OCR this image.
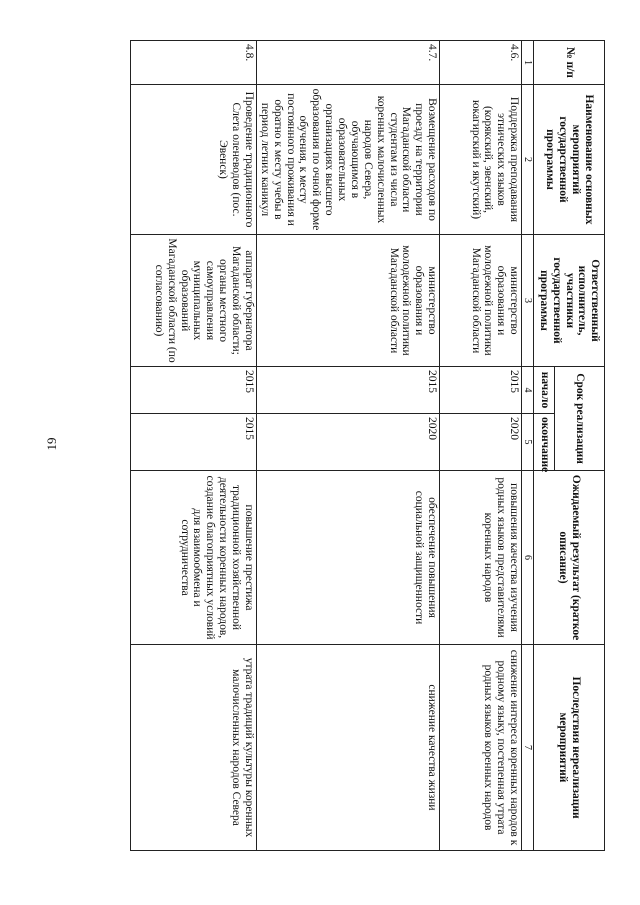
19
№ п/п	Наименование основных мероприятий государственной программы	Ответственный исполнитель, участники государственной программы	Срок реализации		Ожидаемый результат (краткое описание)	Последствия нереализации мероприятий
			начало	окончание		
1	2	3	4	5	6	7
4.6.	Поддержка преподавания этнических языков (корякский, эвенский, юкагирский и якутский)	министерство образования и молодежной политики Магаданской области	2015	2020	повышения качества изучения родных языков представителями коренных народов	снижение интереса коренных народов к родному языку, постепенная утрата родных языков коренных народов
4.7.	Возмещение расходов по проезду на территории Магаданской области студентам из числа коренных малочисленных народов Севера, обучающимся в образовательных организациях высшего образования по очной форме обучения, к месту постоянного проживания и обратно к месту учебы в период летних каникул	министерство образования и молодежной политики Магаданской области	2015	2020	обеспечение повышения социальной защищенности	снижение качества жизни
4.8.	Проведение традиционного Слета оленеводов (пос. Эвенск)	аппарат губернатора Магаданской области; органы местного самоуправления муниципальных образований Магаданской области (по согласованию)	2015	2015	повышение престижа традиционной хозяйственной деятельности коренных народов, создание благоприятных условий для взаимообмена и сотрудничества	утрата традиций культуры коренных малочисленных народов Севера
